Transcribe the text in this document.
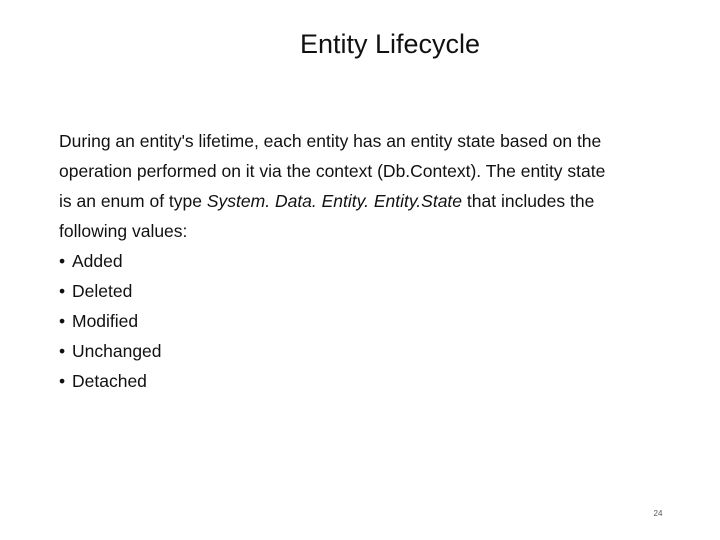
Entity Lifecycle

During an entity's lifetime, each entity has an entity state based on the
operation performed on it via the context (Db.Context). The entity state
is an enum of type System. Data. Entity. Entity.State that includes the
following values:

• Added
• Deleted
• Modified
• Unchanged
• Detached
24
